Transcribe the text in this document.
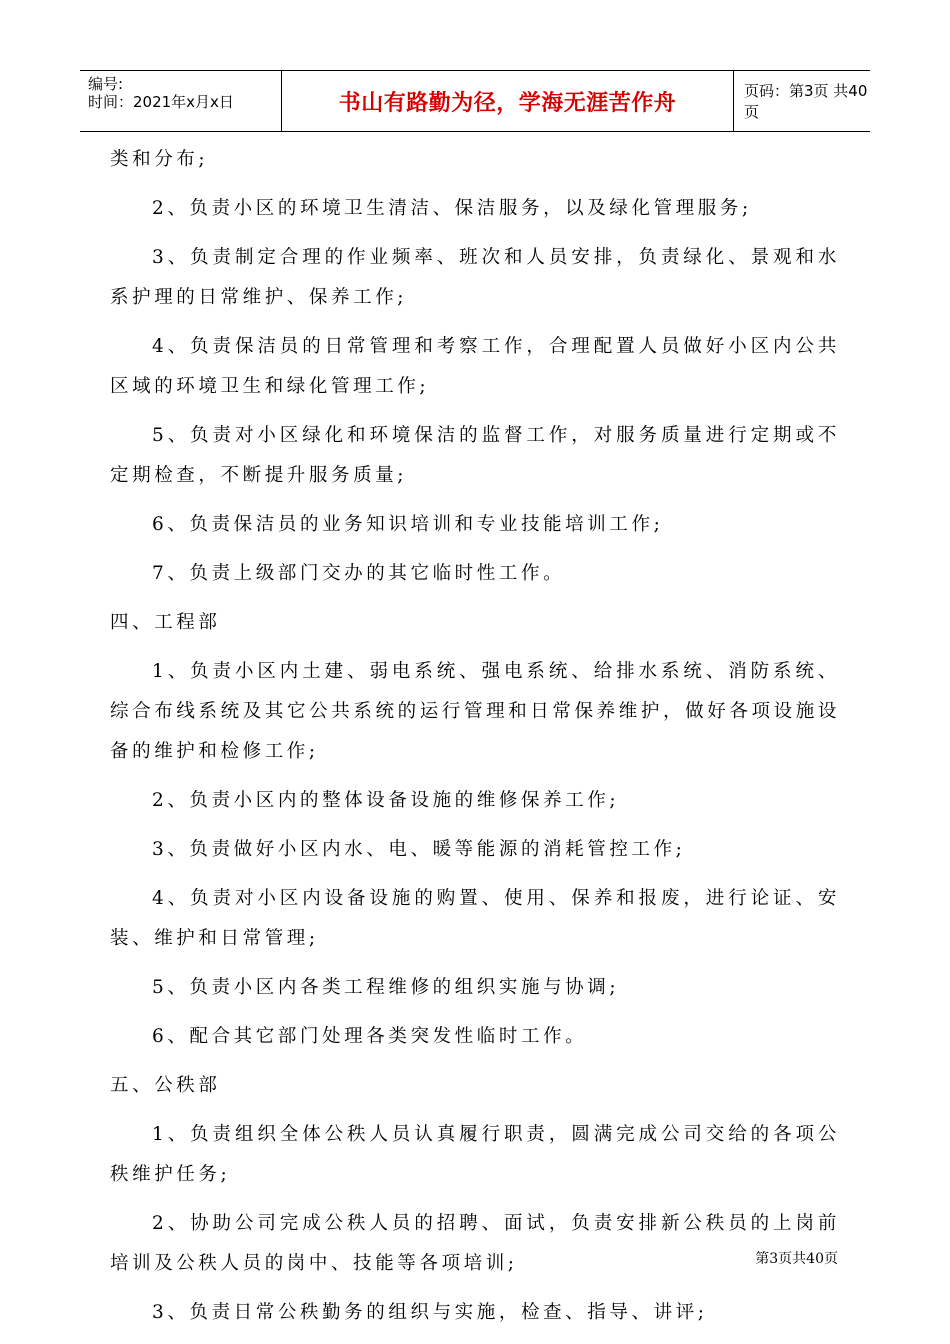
编号:
时间：2021年x月x日	书山有路勤为径，学海无涯苦作舟	页码：第3页 共40页

类和分布;

2、负责小区的环境卫生清洁、保洁服务，以及绿化管理服务;

3、负责制定合理的作业频率、班次和人员安排，负责绿化、景观和水系护理的日常维护、保养工作;

4、负责保洁员的日常管理和考察工作，合理配置人员做好小区内公共区域的环境卫生和绿化管理工作;

5、负责对小区绿化和环境保洁的监督工作，对服务质量进行定期或不定期检查，不断提升服务质量;

6、负责保洁员的业务知识培训和专业技能培训工作;

7、负责上级部门交办的其它临时性工作。

四、工程部

1、负责小区内土建、弱电系统、强电系统、给排水系统、消防系统、综合布线系统及其它公共系统的运行管理和日常保养维护，做好各项设施设备的维护和检修工作;

2、负责小区内的整体设备设施的维修保养工作;

3、负责做好小区内水、电、暖等能源的消耗管控工作;

4、负责对小区内设备设施的购置、使用、保养和报废，进行论证、安装、维护和日常管理;

5、负责小区内各类工程维修的组织实施与协调;

6、配合其它部门处理各类突发性临时工作。

五、公秩部

1、负责组织全体公秩人员认真履行职责，圆满完成公司交给的各项公秩维护任务;

2、协助公司完成公秩人员的招聘、面试，负责安排新公秩员的上岗前培训及公秩人员的岗中、技能等各项培训;

3、负责日常公秩勤务的组织与实施，检查、指导、讲评;

第3页共40页
